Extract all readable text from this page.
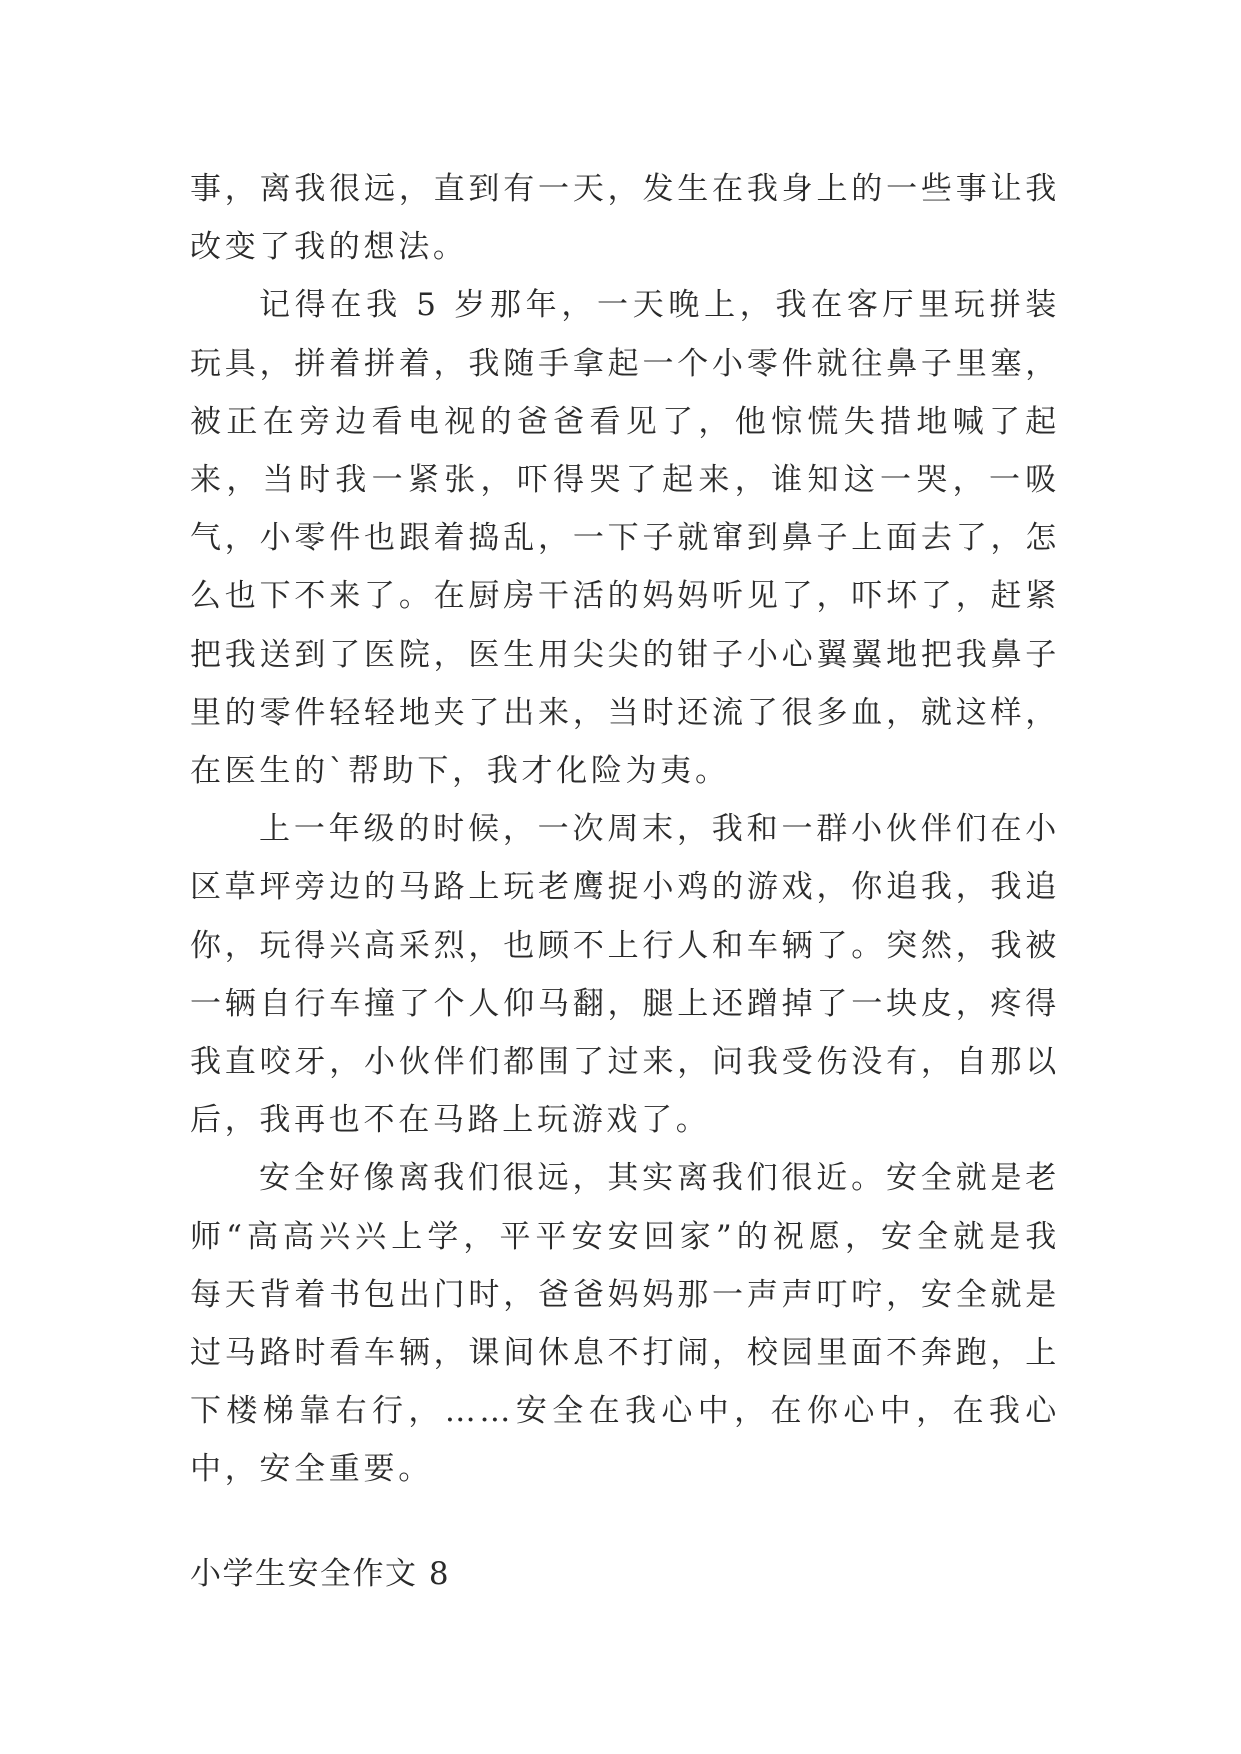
事，离我很远，直到有一天，发生在我身上的一些事让我改变了我的想法。

记得在我 5 岁那年，一天晚上，我在客厅里玩拼装玩具，拼着拼着，我随手拿起一个小零件就往鼻子里塞，被正在旁边看电视的爸爸看见了，他惊慌失措地喊了起来，当时我一紧张，吓得哭了起来，谁知这一哭，一吸气，小零件也跟着捣乱，一下子就窜到鼻子上面去了，怎么也下不来了。在厨房干活的妈妈听见了，吓坏了，赶紧把我送到了医院，医生用尖尖的钳子小心翼翼地把我鼻子里的零件轻轻地夹了出来，当时还流了很多血，就这样，在医生的`帮助下，我才化险为夷。

上一年级的时候，一次周末，我和一群小伙伴们在小区草坪旁边的马路上玩老鹰捉小鸡的游戏，你追我，我追你，玩得兴高采烈，也顾不上行人和车辆了。突然，我被一辆自行车撞了个人仰马翻，腿上还蹭掉了一块皮，疼得我直咬牙，小伙伴们都围了过来，问我受伤没有，自那以后，我再也不在马路上玩游戏了。

安全好像离我们很远，其实离我们很近。安全就是老师“高高兴兴上学，平平安安回家”的祝愿，安全就是我每天背着书包出门时，爸爸妈妈那一声声叮咛，安全就是过马路时看车辆，课间休息不打闹，校园里面不奔跑，上下楼梯靠右行，……安全在我心中，在你心中，在我心中，安全重要。

小学生安全作文 8
